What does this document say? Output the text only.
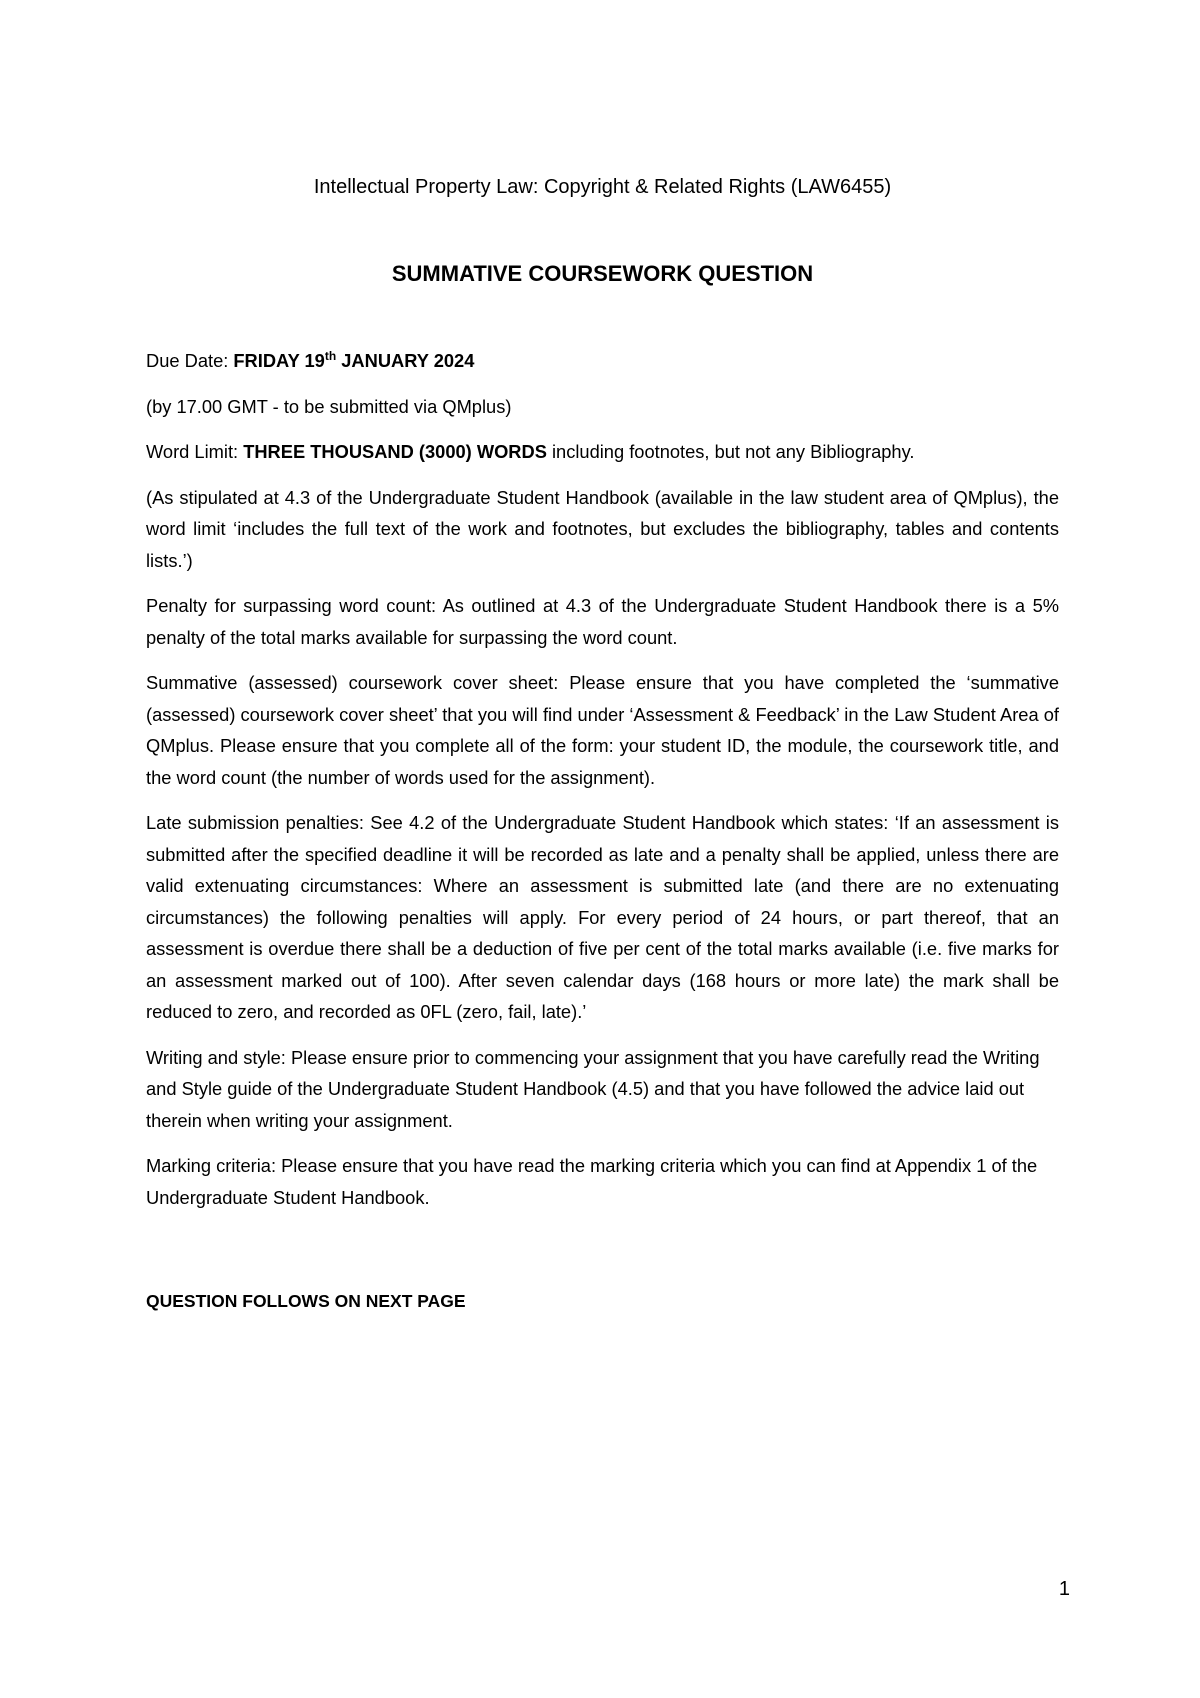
Intellectual Property Law: Copyright & Related Rights (LAW6455)

SUMMATIVE COURSEWORK QUESTION

Due Date: FRIDAY 19th JANUARY 2024

(by 17.00 GMT - to be submitted via QMplus)

Word Limit: THREE THOUSAND (3000) WORDS including footnotes, but not any Bibliography.

(As stipulated at 4.3 of the Undergraduate Student Handbook (available in the law student area of QMplus), the word limit ‘includes the full text of the work and footnotes, but excludes the bibliography, tables and contents lists.’)

Penalty for surpassing word count: As outlined at 4.3 of the Undergraduate Student Handbook there is a 5% penalty of the total marks available for surpassing the word count.

Summative (assessed) coursework cover sheet: Please ensure that you have completed the ‘summative (assessed) coursework cover sheet’ that you will find under ‘Assessment & Feedback’ in the Law Student Area of QMplus. Please ensure that you complete all of the form: your student ID, the module, the coursework title, and the word count (the number of words used for the assignment).

Late submission penalties: See 4.2 of the Undergraduate Student Handbook which states: ‘If an assessment is submitted after the specified deadline it will be recorded as late and a penalty shall be applied, unless there are valid extenuating circumstances: Where an assessment is submitted late (and there are no extenuating circumstances) the following penalties will apply. For every period of 24 hours, or part thereof, that an assessment is overdue there shall be a deduction of five per cent of the total marks available (i.e. five marks for an assessment marked out of 100). After seven calendar days (168 hours or more late) the mark shall be reduced to zero, and recorded as 0FL (zero, fail, late).’

Writing and style: Please ensure prior to commencing your assignment that you have carefully read the Writing and Style guide of the Undergraduate Student Handbook (4.5) and that you have followed the advice laid out therein when writing your assignment.

Marking criteria: Please ensure that you have read the marking criteria which you can find at Appendix 1 of the Undergraduate Student Handbook.

QUESTION FOLLOWS ON NEXT PAGE

1
